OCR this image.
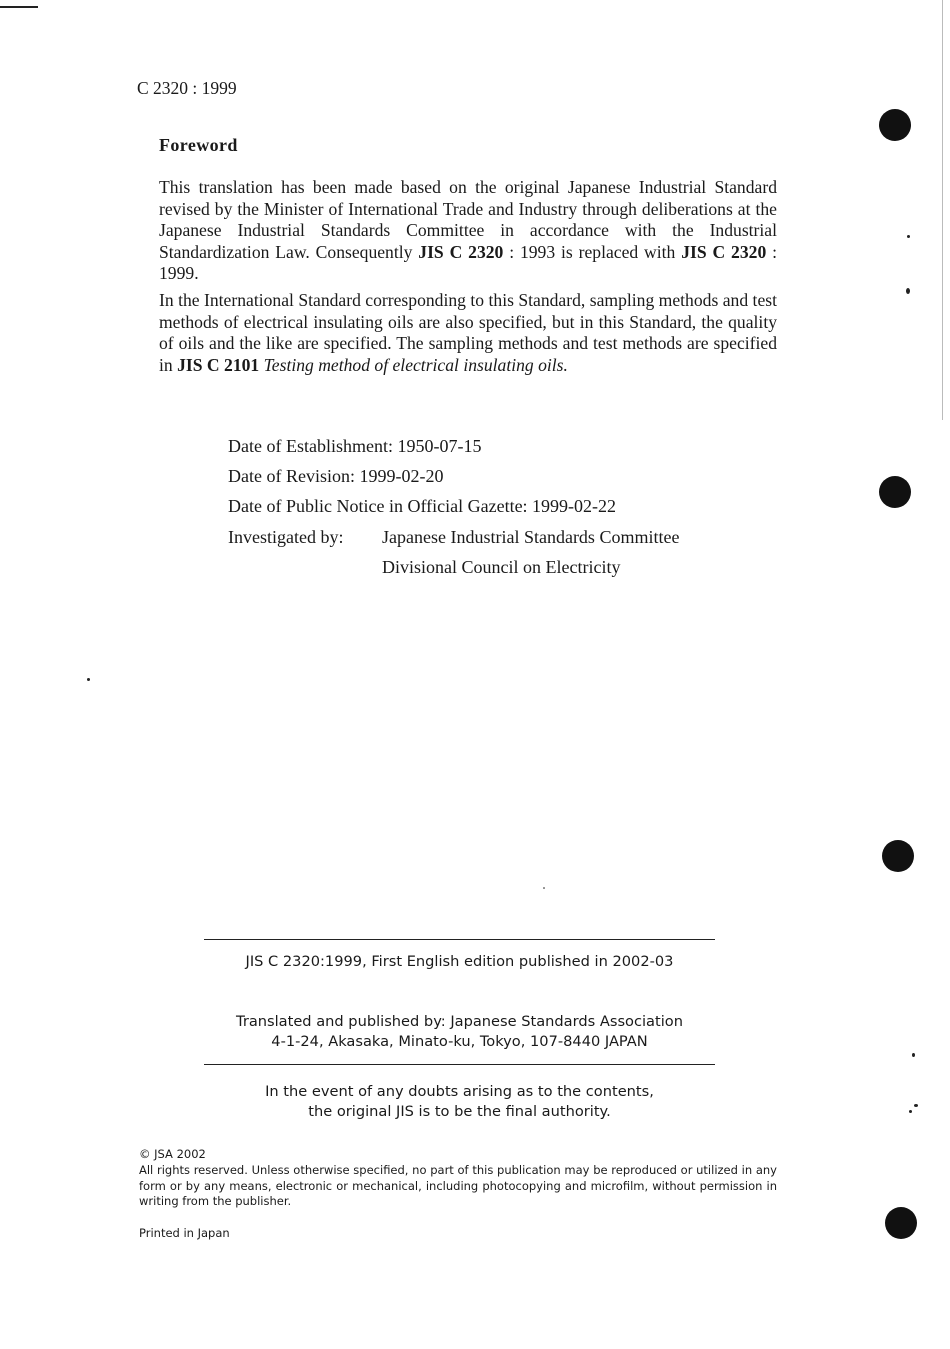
C 2320 : 1999
Foreword
This translation has been made based on the original Japanese Industrial Standard revised by the Minister of International Trade and Industry through deliberations at the Japanese Industrial Standards Committee in accordance with the Industrial Standardization Law. Consequently JIS C 2320 : 1993 is replaced with JIS C 2320 : 1999.
In the International Standard corresponding to this Standard, sampling methods and test methods of electrical insulating oils are also specified, but in this Standard, the quality of oils and the like are specified. The sampling methods and test methods are specified in JIS C 2101 Testing method of electrical insulating oils.
Date of Establishment: 1950-07-15
Date of Revision: 1999-02-20
Date of Public Notice in Official Gazette: 1999-02-22
Investigated by: Japanese Industrial Standards Committee
Divisional Council on Electricity
JIS C 2320:1999, First English edition published in 2002-03
Translated and published by: Japanese Standards Association
4-1-24, Akasaka, Minato-ku, Tokyo, 107-8440 JAPAN
In the event of any doubts arising as to the contents,
the original JIS is to be the final authority.
© JSA 2002
All rights reserved. Unless otherwise specified, no part of this publication may be reproduced or utilized in any form or by any means, electronic or mechanical, including photocopying and microfilm, without permission in writing from the publisher.
Printed in Japan
